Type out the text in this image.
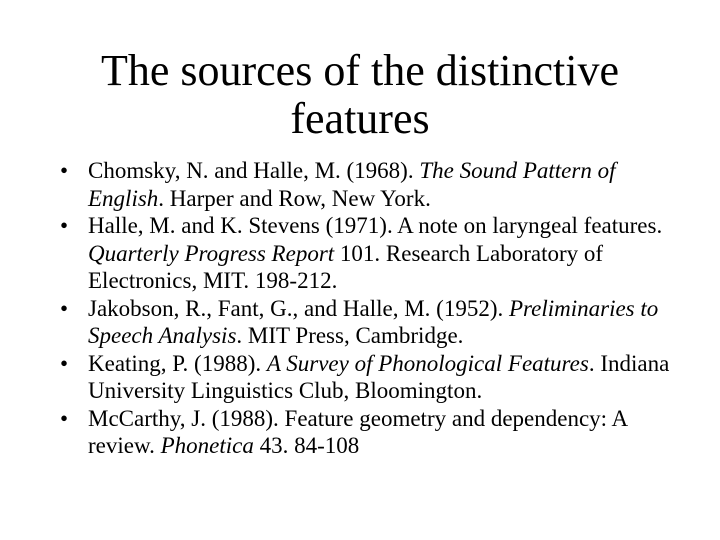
The sources of the distinctive features
• Chomsky, N. and Halle, M. (1968). The Sound Pattern of English. Harper and Row, New York.
• Halle, M. and K. Stevens (1971). A note on laryngeal features. Quarterly Progress Report 101. Research Laboratory of Electronics, MIT. 198-212.
• Jakobson, R., Fant, G., and Halle, M. (1952). Preliminaries to Speech Analysis. MIT Press, Cambridge.
• Keating, P. (1988). A Survey of Phonological Features. Indiana University Linguistics Club, Bloomington.
• McCarthy, J. (1988). Feature geometry and dependency: A review. Phonetica 43. 84-108
